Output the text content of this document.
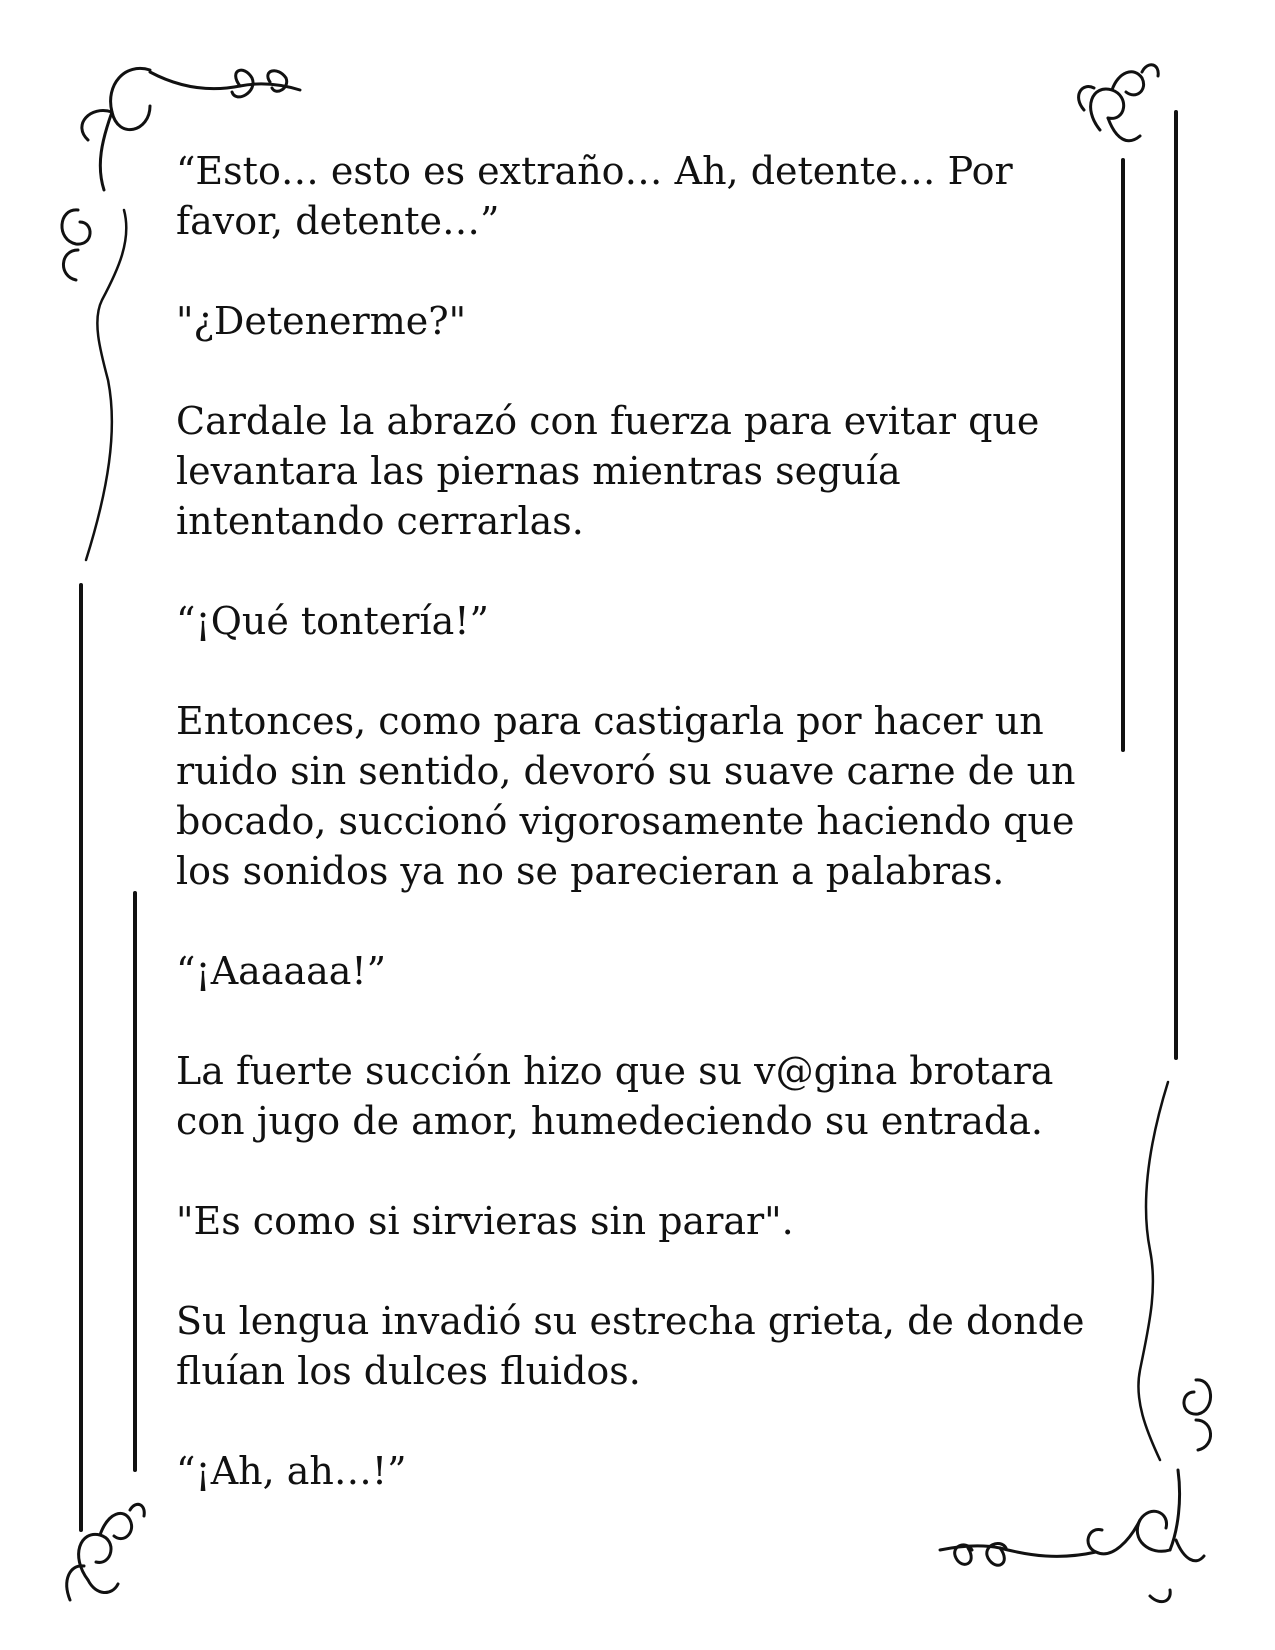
“Esto… esto es extraño… Ah, detente… Por
favor, detente…”

"¿Detenerme?"

Cardale la abrazó con fuerza para evitar que
levantara las piernas mientras seguía
intentando cerrarlas.

“¡Qué tontería!”

Entonces, como para castigarla por hacer un
ruido sin sentido, devoró su suave carne de un
bocado, succionó vigorosamente haciendo que
los sonidos ya no se parecieran a palabras.

“¡Aaaaaa!”

La fuerte succión hizo que su v@gina brotara
con jugo de amor, humedeciendo su entrada.

"Es como si sirvieras sin parar".

Su lengua invadió su estrecha grieta, de donde
fluían los dulces fluidos.

“¡Ah, ah…!”
